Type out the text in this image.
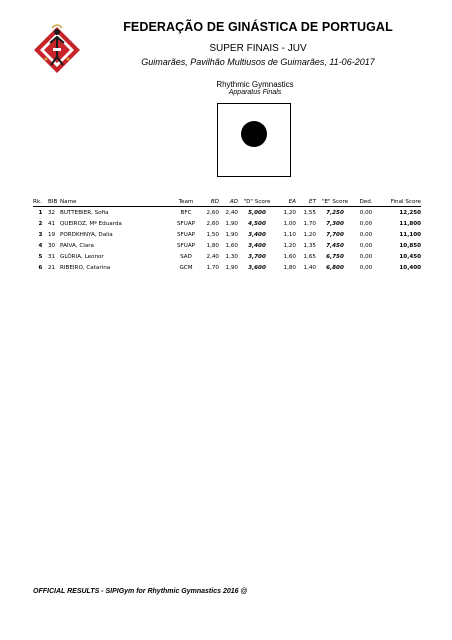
FEDERAÇÃO DE GINÁSTICA DE PORTUGAL
SUPER FINAIS - JUV
Guimarães, Pavilhão Multiusos de Guimarães, 11-06-2017
Rhythmic Gymnastics
Apparatus Finals
Rk.	BIB	Name	Team	BD	AD	"D" Score	EA	ET	"E" Score	Ded.	Final Score
1	32	BUTTEBIER, Sofia	BFC	2,60	2,40	5,000	1,20	1,55	7,250	0,00	12,250
2	41	QUEIROZ, Mª Eduarda	SFUAP	2,60	1,90	4,500	1,00	1,70	7,300	0,00	11,800
3	19	PORDKHNYA, Dalia	SFUAP	1,50	1,90	3,400	1,10	1,20	7,700	0,00	11,100
4	30	PAIVA, Clara	SFUAP	1,80	1,60	3,400	1,20	1,35	7,450	0,00	10,850
5	31	GLÓRIA, Leonor	SAD	2,40	1,30	3,700	1,60	1,65	6,750	0,00	10,450
6	21	RIBEIRO, Catarina	GCM	1,70	1,90	3,600	1,80	1,40	6,800	0,00	10,400
OFFICIAL RESULTS - SIPIGym for Rhythmic Gymnastics 2016 @
